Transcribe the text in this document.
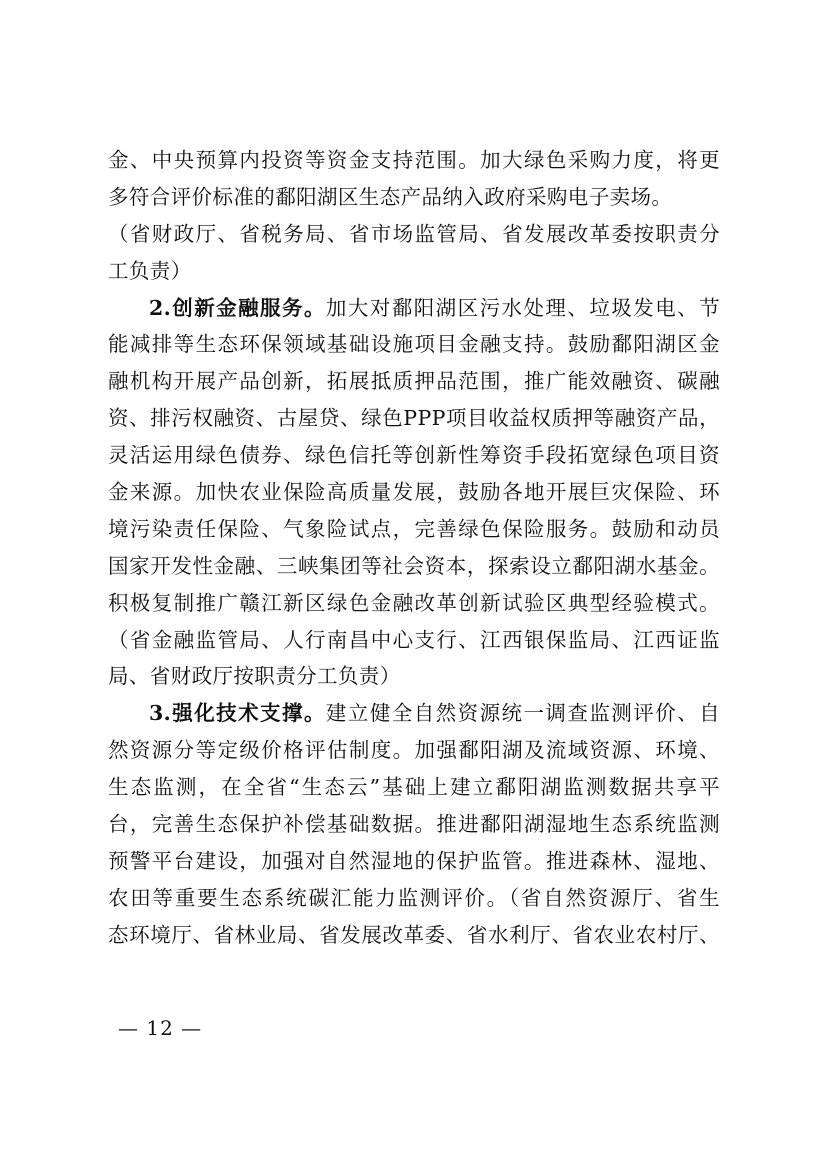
金、中央预算内投资等资金支持范围。加大绿色采购力度，将更
多符合评价标准的鄱阳湖区生态产品纳入政府采购电子卖场。
（省财政厅、省税务局、省市场监管局、省发展改革委按职责分
工负责）
2.创新金融服务。加大对鄱阳湖区污水处理、垃圾发电、节
能减排等生态环保领域基础设施项目金融支持。鼓励鄱阳湖区金
融机构开展产品创新，拓展抵质押品范围，推广能效融资、碳融
资、排污权融资、古屋贷、绿色PPP项目收益权质押等融资产品，
灵活运用绿色债券、绿色信托等创新性筹资手段拓宽绿色项目资
金来源。加快农业保险高质量发展，鼓励各地开展巨灾保险、环
境污染责任保险、气象险试点，完善绿色保险服务。鼓励和动员
国家开发性金融、三峡集团等社会资本，探索设立鄱阳湖水基金。
积极复制推广赣江新区绿色金融改革创新试验区典型经验模式。
（省金融监管局、人行南昌中心支行、江西银保监局、江西证监
局、省财政厅按职责分工负责）
3.强化技术支撑。建立健全自然资源统一调查监测评价、自
然资源分等定级价格评估制度。加强鄱阳湖及流域资源、环境、
生态监测，在全省“生态云”基础上建立鄱阳湖监测数据共享平
台，完善生态保护补偿基础数据。推进鄱阳湖湿地生态系统监测
预警平台建设，加强对自然湿地的保护监管。推进森林、湿地、
农田等重要生态系统碳汇能力监测评价。（省自然资源厅、省生
态环境厅、省林业局、省发展改革委、省水利厅、省农业农村厅、
— 12 —
